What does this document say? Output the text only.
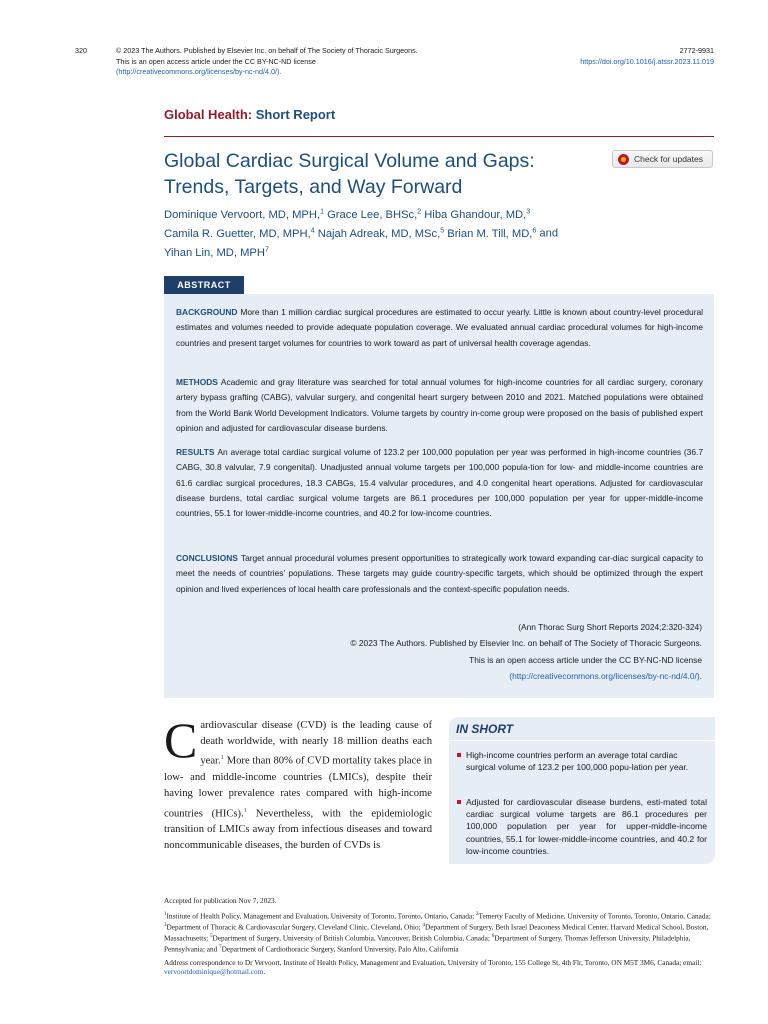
320	© 2023 The Authors. Published by Elsevier Inc. on behalf of The Society of Thoracic Surgeons.
This is an open access article under the CC BY-NC-ND license
(http://creativecommons.org/licenses/by-nc-nd/4.0/).
2772-9931
https://doi.org/10.1016/j.atssr.2023.11.019
Global Health: Short Report
Global Cardiac Surgical Volume and Gaps:
Trends, Targets, and Way Forward
Check for updates
Dominique Vervoort, MD, MPH,$^1$ Grace Lee, BHSc,$^2$ Hiba Ghandour, MD,$^3$
Camila R. Guetter, MD, MPH,$^4$ Najah Adreak, MD, MSc,$^5$ Brian M. Till, MD,$^6$ and
Yihan Lin, MD, MPH$^7$
ABSTRACT
BACKGROUND More than 1 million cardiac surgical procedures are estimated to occur yearly. Little is known about country-level procedural estimates and volumes needed to provide adequate population coverage. We evaluated annual cardiac procedural volumes for high-income countries and present target volumes for countries to work toward as part of universal health coverage agendas.
METHODS Academic and gray literature was searched for total annual volumes for high-income countries for all cardiac surgery, coronary artery bypass grafting (CABG), valvular surgery, and congenital heart surgery between 2010 and 2021. Matched populations were obtained from the World Bank World Development Indicators. Volume targets by country in-come group were proposed on the basis of published expert opinion and adjusted for cardiovascular disease burdens.
RESULTS An average total cardiac surgical volume of 123.2 per 100,000 population per year was performed in high-income countries (36.7 CABG, 30.8 valvular, 7.9 congenital). Unadjusted annual volume targets per 100,000 popula-tion for low- and middle-income countries are 61.6 cardiac surgical procedures, 18.3 CABGs, 15.4 valvular procedures, and 4.0 congenital heart operations. Adjusted for cardiovascular disease burdens, total cardiac surgical volume targets are 86.1 procedures per 100,000 population per year for upper-middle-income countries, 55.1 for lower-middle-income countries, and 40.2 for low-income countries.
CONCLUSIONS Target annual procedural volumes present opportunities to strategically work toward expanding car-diac surgical capacity to meet the needs of countries’ populations. These targets may guide country-specific targets, which should be optimized through the expert opinion and lived experiences of local health care professionals and the context-specific population needs.
(Ann Thorac Surg Short Reports 2024;2:320-324)
© 2023 The Authors. Published by Elsevier Inc. on behalf of The Society of Thoracic Surgeons.
This is an open access article under the CC BY-NC-ND license
(http://creativecommons.org/licenses/by-nc-nd/4.0/).
Cardiovascular disease (CVD) is the leading cause of death worldwide, with nearly 18 million deaths each year.$^1$ More than 80% of CVD mortality takes place in low- and middle-income countries (LMICs), despite their having lower prevalence rates compared with high-income countries (HICs).$^1$ Nevertheless, with the epidemiologic transition of LMICs away from infectious diseases and toward noncommunicable diseases, the burden of CVDs is
IN SHORT
High-income countries perform an average total cardiac surgical volume of 123.2 per 100,000 popu-lation per year.
Adjusted for cardiovascular disease burdens, esti-mated total cardiac surgical volume targets are 86.1 procedures per 100,000 population per year for upper-middle-income countries, 55.1 for lower-middle-income countries, and 40.2 for low-income countries.

Accepted for publication Nov 7, 2023.

$^1$Institute of Health Policy, Management and Evaluation, University of Toronto, Toronto, Ontario, Canada; $^2$Temerty Faculty of Medicine, University of Toronto, Toronto, Ontario, Canada; $^3$Department of Thoracic & Cardiovascular Surgery, Cleveland Clinic, Cleveland, Ohio; $^4$Department of Surgery, Beth Israel Deaconess Medical Center, Harvard Medical School, Boston, Massachusetts; $^5$Department of Surgery, University of British Columbia, Vancouver, British Columbia, Canada; $^6$Department of Surgery, Thomas Jefferson University, Philadelphia, Pennsylvania; and $^7$Department of Cardiothoracic Surgery, Stanford University, Palo Alto, California

Address correspondence to Dr Vervoort, Institute of Health Policy, Management and Evaluation, University of Toronto, 155 College St, 4th Flr, Toronto, ON M5T 3M6, Canada; email: vervoortdominique@hotmail.com.
